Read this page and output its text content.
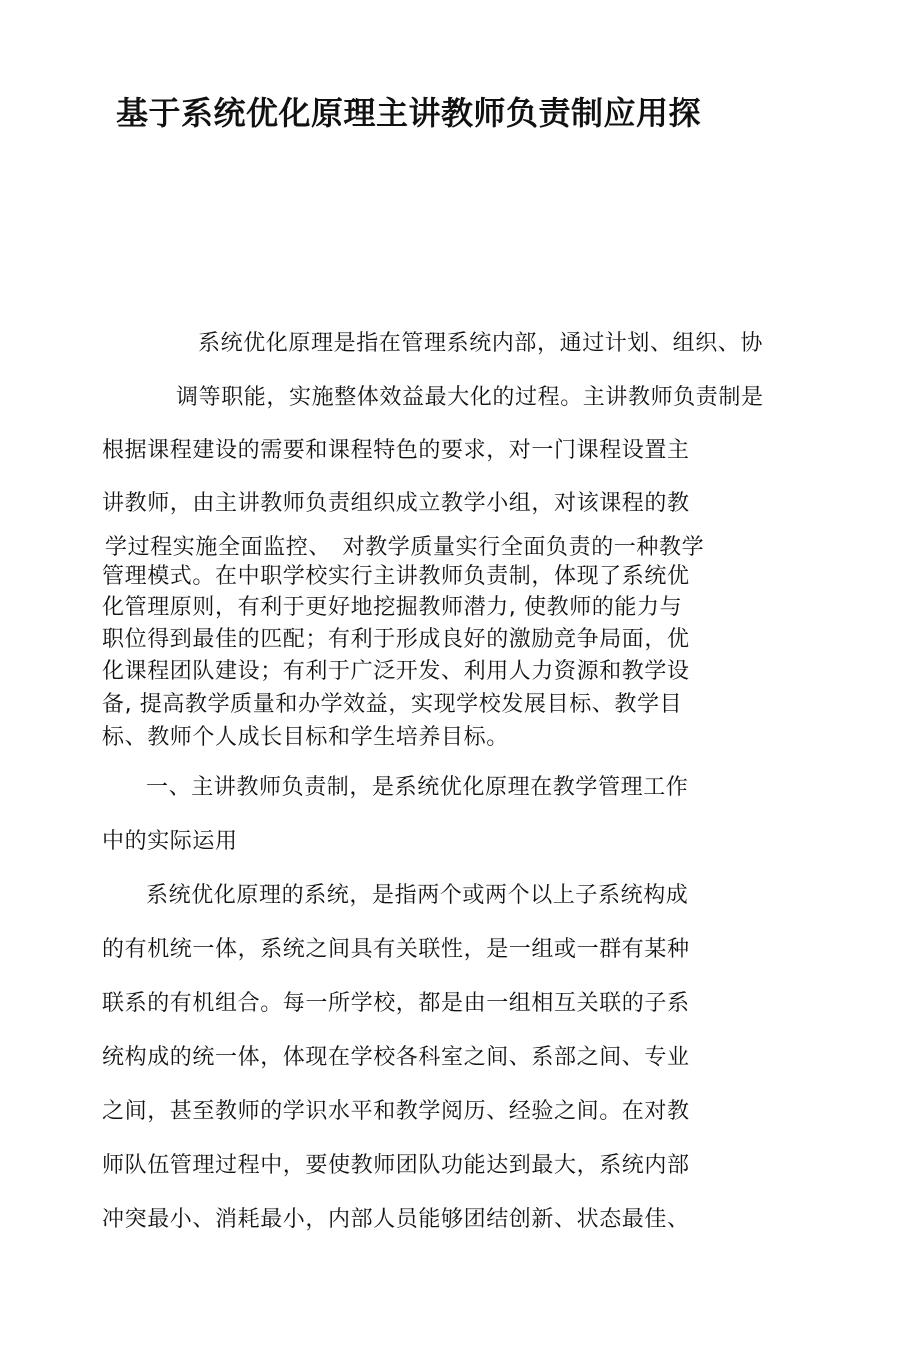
基于系统优化原理主讲教师负责制应用探

系统优化原理是指在管理系统内部，通过计划、组织、协

调等职能，实施整体效益最大化的过程。主讲教师负责制是

根据课程建设的需要和课程特色的要求，对一门课程设置主

讲教师，由主讲教师负责组织成立教学小组，对该课程的教

学过程实施全面监控、　对教学质量实行全面负责的一种教学

管理模式。在中职学校实行主讲教师负责制，体现了系统优

化管理原则，有利于更好地挖掘教师潜力, 使教师的能力与

职位得到最佳的匹配；有利于形成良好的激励竞争局面，优

化课程团队建设；有利于广泛开发、利用人力资源和教学设

备, 提高教学质量和办学效益，实现学校发展目标、教学目

标、教师个人成长目标和学生培养目标。

一、主讲教师负责制，是系统优化原理在教学管理工作

中的实际运用

系统优化原理的系统，是指两个或两个以上子系统构成

的有机统一体，系统之间具有关联性，是一组或一群有某种

联系的有机组合。每一所学校，都是由一组相互关联的子系

统构成的统一体，体现在学校各科室之间、系部之间、专业

之间，甚至教师的学识水平和教学阅历、经验之间。在对教

师队伍管理过程中，要使教师团队功能达到最大，系统内部

冲突最小、消耗最小，内部人员能够团结创新、状态最佳、
